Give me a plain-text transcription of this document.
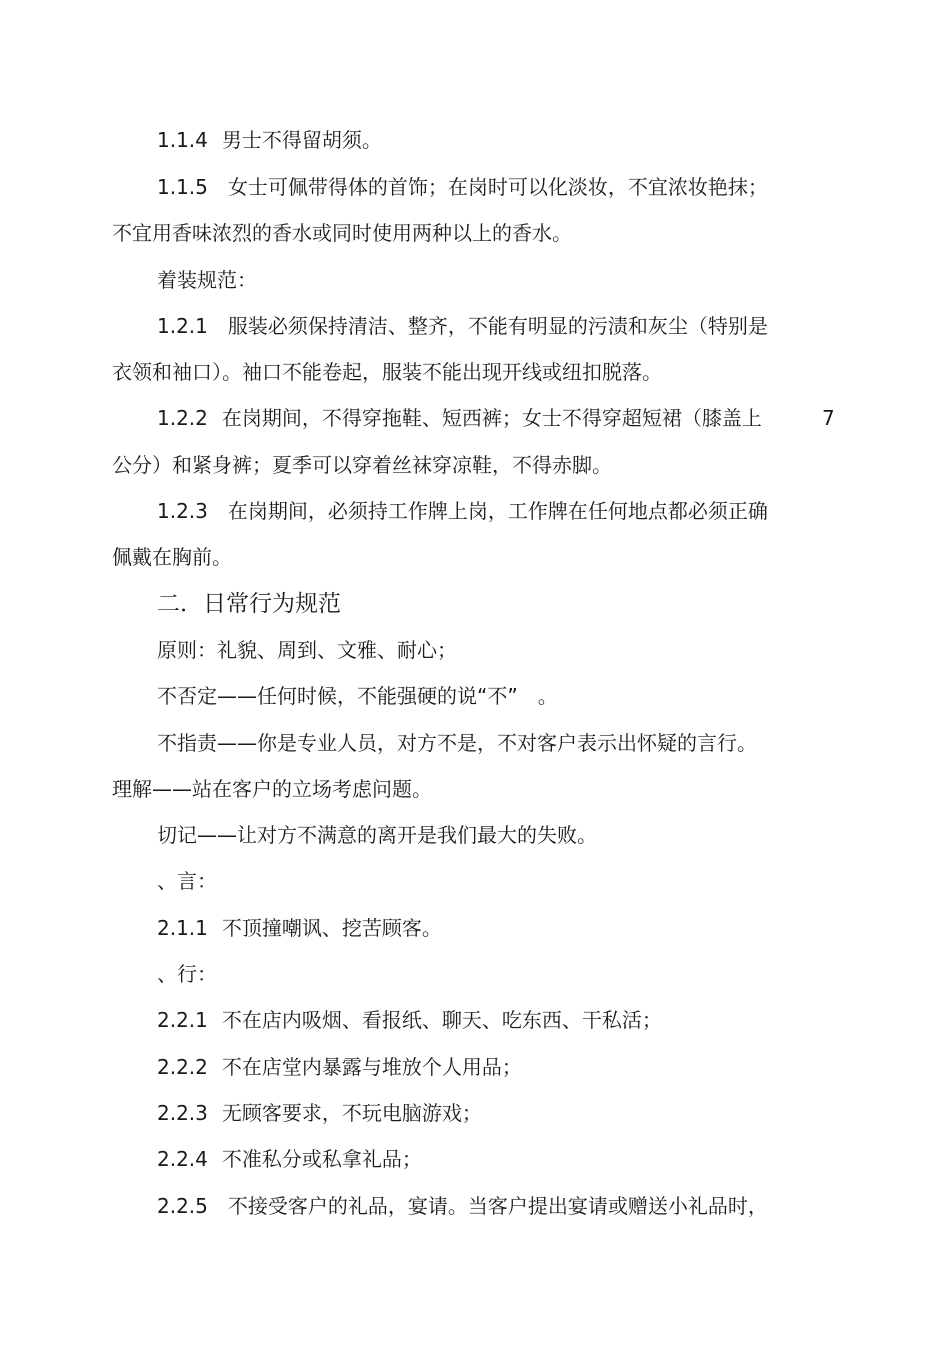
1.1.4 男士不得留胡须。
1.1.5 女士可佩带得体的首饰；在岗时可以化淡妆，不宜浓妆艳抹；
不宜用香味浓烈的香水或同时使用两种以上的香水。
着装规范：
1.2.1 服装必须保持清洁、整齐，不能有明显的污渍和灰尘（特别是
衣领和袖口）。袖口不能卷起，服装不能出现开线或纽扣脱落。
1.2.2 在岗期间，不得穿拖鞋、短西裤；女士不得穿超短裙（膝盖上	7
公分）和紧身裤；夏季可以穿着丝袜穿凉鞋，不得赤脚。
1.2.3 在岗期间，必须持工作牌上岗，工作牌在任何地点都必须正确
佩戴在胸前。
二．日常行为规范
原则：礼貌、周到、文雅、耐心；
不否定——任何时候，不能强硬的说“不”　。
不指责——你是专业人员，对方不是，不对客户表示出怀疑的言行。
理解——站在客户的立场考虑问题。
切记——让对方不满意的离开是我们最大的失败。
、言：
2.1.1 不顶撞嘲讽、挖苦顾客。
、行：
2.2.1 不在店内吸烟、看报纸、聊天、吃东西、干私活；
2.2.2 不在店堂内暴露与堆放个人用品；
2.2.3 无顾客要求，不玩电脑游戏；
2.2.4 不准私分或私拿礼品；
2.2.5 不接受客户的礼品，宴请。当客户提出宴请或赠送小礼品时，
